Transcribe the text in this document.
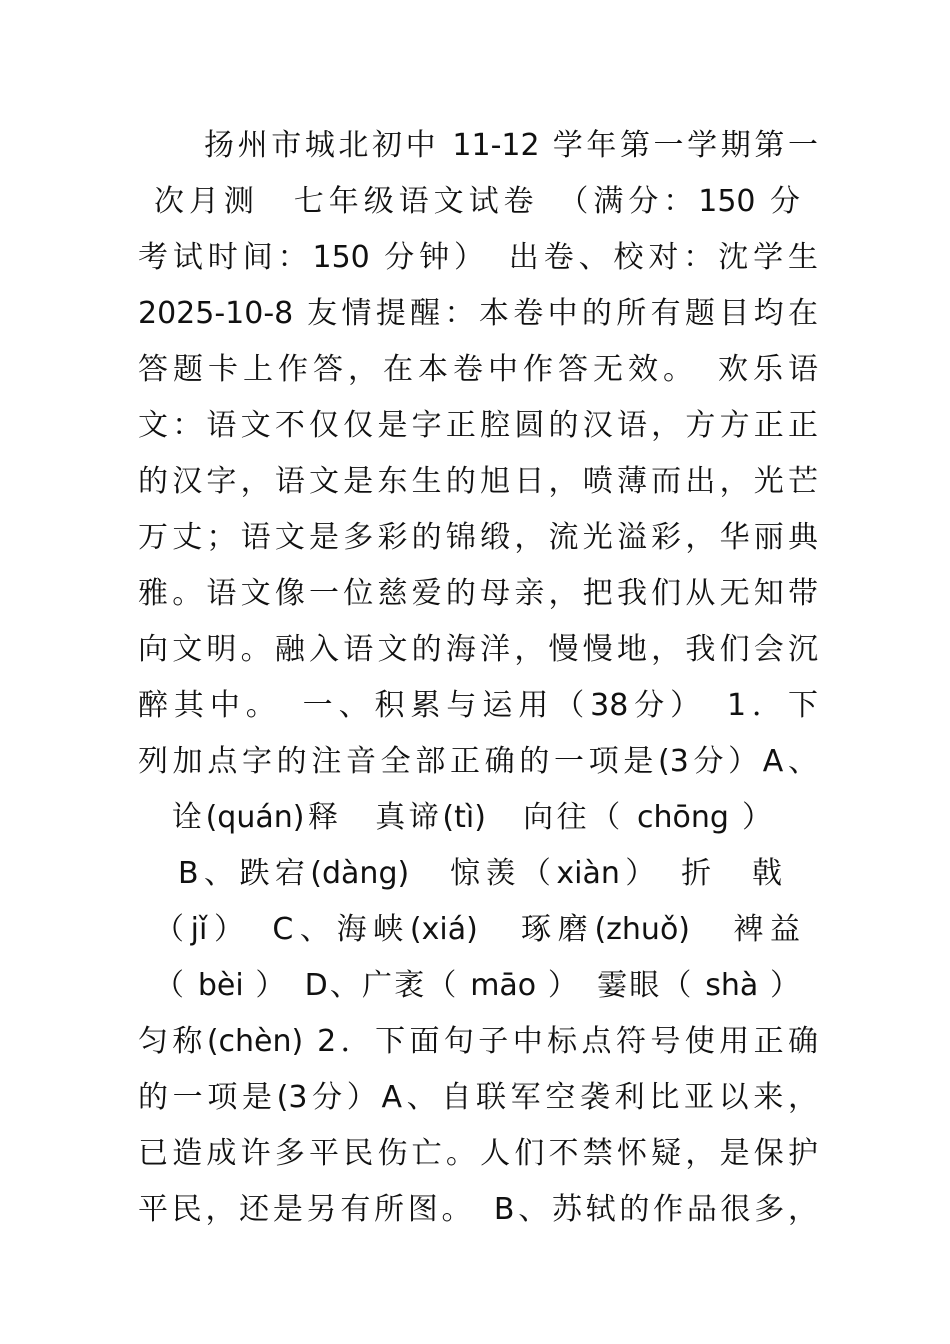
扬州市城北初中 11-12 学年第一学期第一
次月测　七年级语文试卷　（满分：150 分
考试时间：150 分钟）　出卷、校对：沈学生
2025-10-8 友情提醒：本卷中的所有题目均在
答题卡上作答，在本卷中作答无效。　欢乐语
文：语文不仅仅是字正腔圆的汉语，方方正正
的汉字，语文是东生的旭日，喷薄而出，光芒
万丈；语文是多彩的锦缎，流光溢彩，华丽典
雅。语文像一位慈爱的母亲，把我们从无知带
向文明。融入语文的海洋，慢慢地，我们会沉
醉其中。　一、积累与运用（38分）　1．下
列加点字的注音全部正确的一项是(3分）A、
诠(quán)释　真谛(tì)　向往（ chōng ）
B、跌宕(dàng)　惊羡（xiàn）　折　戟
（jǐ）　C、海峡(xiá)　琢磨(zhuǒ)　裨益
（ bèi ）　D、广袤（ māo ）　霎眼（ shà ）
匀称(chèn) 2．下面句子中标点符号使用正确
的一项是(3分）A、自联军空袭利比亚以来，
已造成许多平民伤亡。人们不禁怀疑，是保护
平民，还是另有所图。　B、苏轼的作品很多，
